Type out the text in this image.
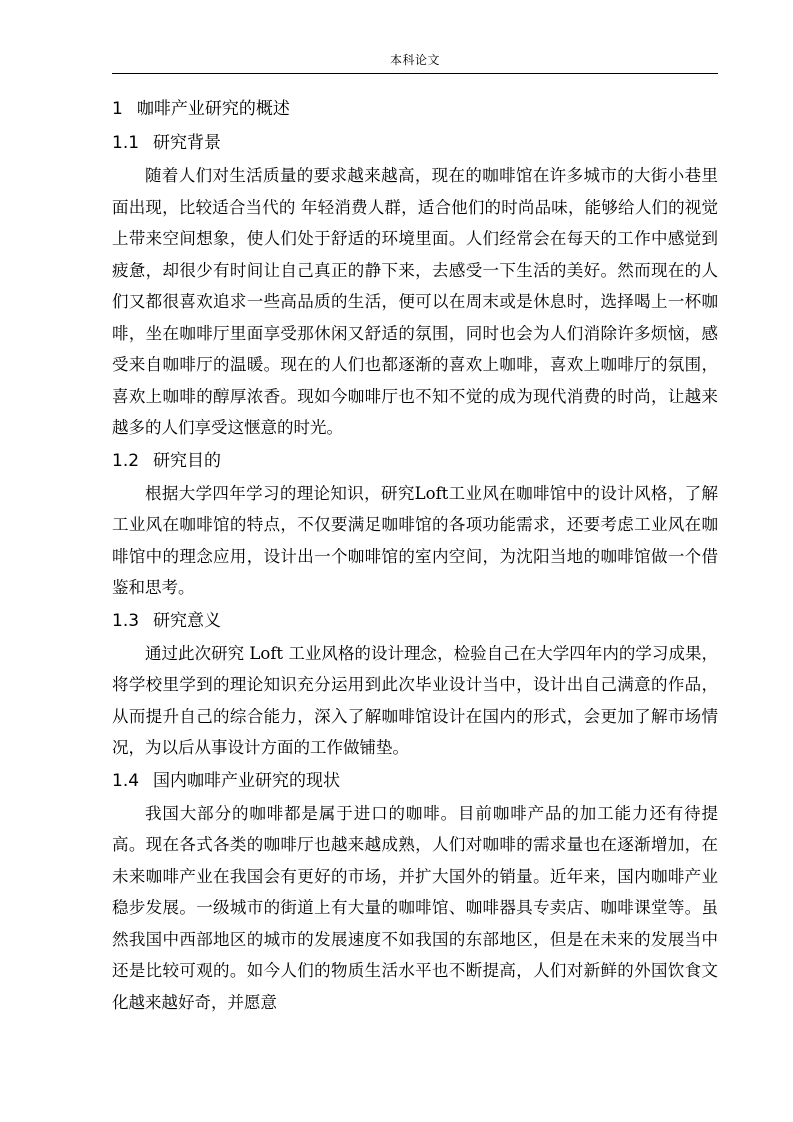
本科论文
1 咖啡产业研究的概述
1.1 研究背景

随着人们对生活质量的要求越来越高，现在的咖啡馆在许多城市的大街小巷里面出现，比较适合当代的 年轻消费人群，适合他们的时尚品味，能够给人们的视觉上带来空间想象，使人们处于舒适的环境里面。人们经常会在每天的工作中感觉到疲惫，却很少有时间让自己真正的静下来，去感受一下生活的美好。然而现在的人们又都很喜欢追求一些高品质的生活，便可以在周末或是休息时，选择喝上一杯咖啡，坐在咖啡厅里面享受那休闲又舒适的氛围，同时也会为人们消除许多烦恼，感受来自咖啡厅的温暖。现在的人们也都逐渐的喜欢上咖啡，喜欢上咖啡厅的氛围，喜欢上咖啡的醇厚浓香。现如今咖啡厅也不知不觉的成为现代消费的时尚，让越来越多的人们享受这惬意的时光。

1.2 研究目的

根据大学四年学习的理论知识，研究Loft工业风在咖啡馆中的设计风格，了解工业风在咖啡馆的特点，不仅要满足咖啡馆的各项功能需求，还要考虑工业风在咖啡馆中的理念应用，设计出一个咖啡馆的室内空间，为沈阳当地的咖啡馆做一个借鉴和思考。

1.3 研究意义

通过此次研究 Loft 工业风格的设计理念，检验自己在大学四年内的学习成果，将学校里学到的理论知识充分运用到此次毕业设计当中，设计出自己满意的作品，从而提升自己的综合能力，深入了解咖啡馆设计在国内的形式，会更加了解市场情况，为以后从事设计方面的工作做铺垫。

1.4 国内咖啡产业研究的现状

我国大部分的咖啡都是属于进口的咖啡。目前咖啡产品的加工能力还有待提高。现在各式各类的咖啡厅也越来越成熟，人们对咖啡的需求量也在逐渐增加，在未来咖啡产业在我国会有更好的市场，并扩大国外的销量。近年来，国内咖啡产业稳步发展。一级城市的街道上有大量的咖啡馆、咖啡器具专卖店、咖啡课堂等。虽然我国中西部地区的城市的发展速度不如我国的东部地区，但是在未来的发展当中还是比较可观的。如今人们的物质生活水平也不断提高，人们对新鲜的外国饮食文化越来越好奇，并愿意
